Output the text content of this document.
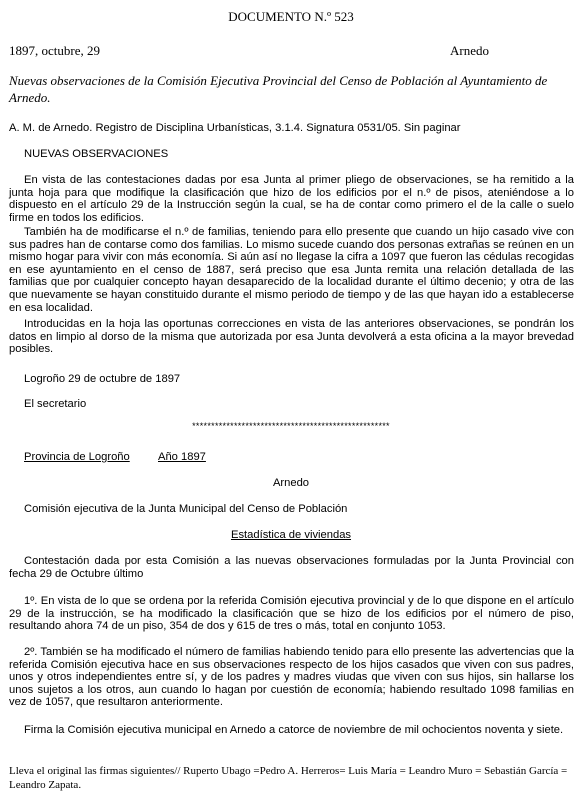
DOCUMENTO N.º 523
1897, octubre, 29	Arnedo
Nuevas observaciones de la Comisión Ejecutiva Provincial del Censo de Población al Ayuntamiento de Arnedo.
A. M. de Arnedo. Registro de Disciplina Urbanísticas, 3.1.4. Signatura 0531/05. Sin paginar
NUEVAS OBSERVACIONES
En vista de las contestaciones dadas por esa Junta al primer pliego de observaciones, se ha remitido a la junta hoja para que modifique la clasificación que hizo de los edificios por el n.º de pisos, ateniéndose a lo dispuesto en el artículo 29 de la Instrucción según la cual, se ha de contar como primero el de la calle o suelo firme en todos los edificios.
También ha de modificarse el n.º de familias, teniendo para ello presente que cuando un hijo casado vive con sus padres han de contarse como dos familias. Lo mismo sucede cuando dos personas extrañas se reúnen en un mismo hogar para vivir con más economía. Si aún así no llegase la cifra a 1097 que fueron las cédulas recogidas en ese ayuntamiento en el censo de 1887, será preciso que esa Junta remita una relación detallada de las familias que por cualquier concepto hayan desaparecido de la localidad durante el último decenio; y otra de las que nuevamente se hayan constituido durante el mismo periodo de tiempo y de las que hayan ido a establecerse en esa localidad.
Introducidas en la hoja las oportunas correcciones en vista de las anteriores observaciones, se pondrán los datos en limpio al dorso de la misma que autorizada por esa Junta devolverá a esta oficina a la mayor brevedad posibles.
Logroño 29 de octubre de 1897
El secretario
****************************************************
Provincia de Logroño	Año 1897
Arnedo
Comisión ejecutiva de la Junta Municipal del Censo de Población
Estadística de viviendas
Contestación dada por esta Comisión a las nuevas observaciones formuladas por la Junta Provincial con fecha 29 de Octubre último
1º. En vista de lo que se ordena por la referida Comisión ejecutiva provincial y de lo que dispone en el artículo 29 de la instrucción, se ha modificado la clasificación que se hizo de los edificios por el número de piso, resultando ahora 74 de un piso, 354 de dos y 615 de tres o más, total en conjunto 1053.
2º. También se ha modificado el número de familias habiendo tenido para ello presente las advertencias que la referida Comisión ejecutiva hace en sus observaciones respecto de los hijos casados que viven con sus padres, unos y otros independientes entre sí, y de los padres y madres viudas que viven con sus hijos, sin hallarse los unos sujetos a los otros, aun cuando lo hagan por cuestión de economía; habiendo resultado 1098 familias en vez de 1057, que resultaron anteriormente.
Firma la Comisión ejecutiva municipal en Arnedo a catorce de noviembre de mil ochocientos noventa y siete.
Lleva el original las firmas siguientes// Ruperto Ubago =Pedro A. Herreros= Luis María = Leandro Muro = Sebastián García = Leandro Zapata.
